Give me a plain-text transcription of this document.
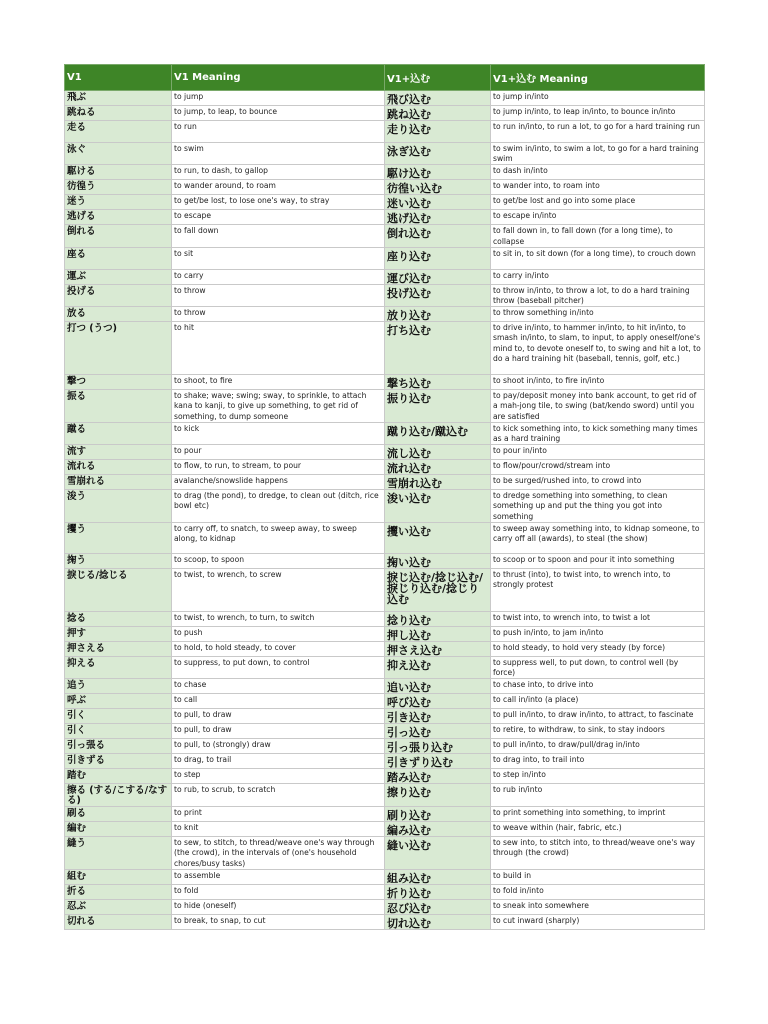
V1	V1 Meaning	V1+込む	V1+込む Meaning
飛ぶ	to jump	飛び込む	to jump in/into
跳ねる	to jump, to leap, to bounce	跳ね込む	to jump in/into, to leap in/into, to bounce in/into
走る	to run	走り込む	to run in/into, to run a lot, to go for a hard training run
泳ぐ	to swim	泳ぎ込む	to swim in/into, to swim a lot, to go for a hard training swim
駆ける	to run, to dash, to gallop	駆け込む	to dash in/into
彷徨う	to wander around, to roam	彷徨い込む	to wander into, to roam into
迷う	to get/be lost, to lose one's way, to stray	迷い込む	to get/be lost and go into some place
逃げる	to escape	逃げ込む	to escape in/into
倒れる	to fall down	倒れ込む	to fall down in, to fall down (for a long time), to collapse
座る	to sit	座り込む	to sit in, to sit down (for a long time), to crouch down
運ぶ	to carry	運び込む	to carry in/into
投げる	to throw	投げ込む	to throw in/into, to throw a lot, to do a hard training throw (baseball pitcher)
放る	to throw	放り込む	to throw something in/into
打つ (うつ)	to hit	打ち込む	to drive in/into, to hammer in/into, to hit in/into, to smash in/into, to slam, to input, to apply oneself/one's mind to, to devote oneself to, to swing and hit a lot, to do a hard training hit (baseball, tennis, golf, etc.)
撃つ	to shoot, to fire	撃ち込む	to shoot in/into, to fire in/into
振る	to shake; wave; swing; sway, to sprinkle, to attach kana to kanji, to give up something, to get rid of something, to dump someone	振り込む	to pay/deposit money into bank account, to get rid of a mah-jong tile, to swing (bat/kendo sword) until you are satisfied
蹴る	to kick	蹴り込む/蹴込む	to kick something into, to kick something many times as a hard training
流す	to pour	流し込む	to pour in/into
流れる	to flow, to run, to stream, to pour	流れ込む	to flow/pour/crowd/stream into
雪崩れる	avalanche/snowslide happens	雪崩れ込む	to be surged/rushed into, to crowd into
浚う	to drag (the pond), to dredge, to clean out (ditch, rice bowl etc)	浚い込む	to dredge something into something, to clean something up and put the thing you got into something
攫う	to carry off, to snatch, to sweep away, to sweep along, to kidnap	攫い込む	to sweep away something into, to kidnap someone, to carry off all (awards), to steal (the show)
掬う	to scoop, to spoon	掬い込む	to scoop or to spoon and pour it into something
捩じる/捻じる	to twist, to wrench, to screw	捩じ込む/捻じ込む/捩じり込む/捻じり込む	to thrust (into), to twist into, to wrench into, to strongly protest
捻る	to twist, to wrench, to turn, to switch	捻り込む	to twist into, to wrench into, to twist a lot
押す	to push	押し込む	to push in/into, to jam in/into
押さえる	to hold, to hold steady, to cover	押さえ込む	to hold steady, to hold very steady (by force)
抑える	to suppress, to put down, to control	抑え込む	to suppress well, to put down, to control well (by force)
追う	to chase	追い込む	to chase into, to drive into
呼ぶ	to call	呼び込む	to call in/into (a place)
引く	to pull, to draw	引き込む	to pull in/into, to draw in/into, to attract, to fascinate
引く	to pull, to draw	引っ込む	to retire, to withdraw, to sink, to stay indoors
引っ張る	to pull, to (strongly) draw	引っ張り込む	to pull in/into, to draw/pull/drag in/into
引きずる	to drag, to trail	引きずり込む	to drag into, to trail into
踏む	to step	踏み込む	to step in/into
擦る (する/こする/なする)	to rub, to scrub, to scratch	擦り込む	to rub in/into
刷る	to print	刷り込む	to print something into something, to imprint
編む	to knit	編み込む	to weave within (hair, fabric, etc.)
縫う	to sew, to stitch, to thread/weave one's way through (the crowd), in the intervals of (one's household chores/busy tasks)	縫い込む	to sew into, to stitch into, to thread/weave one's way through (the crowd)
組む	to assemble	組み込む	to build in
折る	to fold	折り込む	to fold in/into
忍ぶ	to hide (oneself)	忍び込む	to sneak into somewhere
切れる	to break, to snap, to cut	切れ込む	to cut inward (sharply)
